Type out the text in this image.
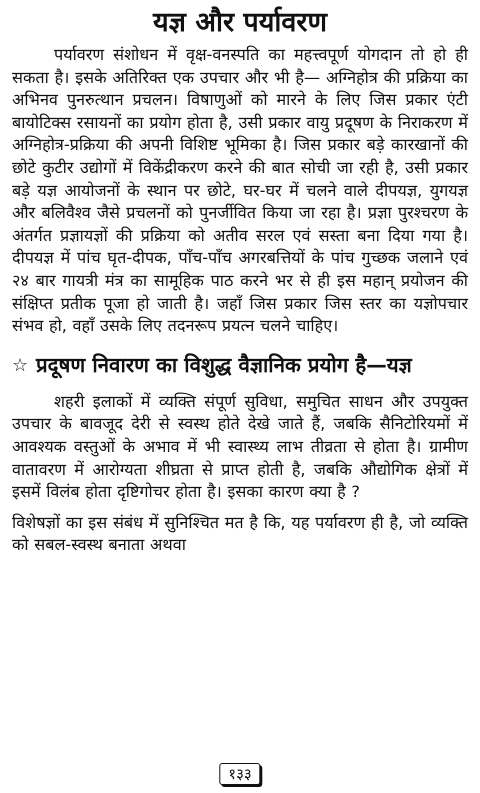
यज्ञ और पर्यावरण

पर्यावरण संशोधन में वृक्ष-वनस्पति का महत्त्वपूर्ण योगदान तो हो ही सकता है। इसके अतिरिक्त एक उपचार और भी है— अग्निहोत्र की प्रक्रिया का अभिनव पुनरुत्थान प्रचलन। विषाणुओं को मारने के लिए जिस प्रकार एंटी बायोटिक्स रसायनों का प्रयोग होता है, उसी प्रकार वायु प्रदूषण के निराकरण में अग्निहोत्र-प्रक्रिया की अपनी विशिष्ट भूमिका है। जिस प्रकार बड़े कारखानों की छोटे कुटीर उद्योगों में विकेंद्रीकरण करने की बात सोची जा रही है, उसी प्रकार बड़े यज्ञ आयोजनों के स्थान पर छोटे, घर-घर में चलने वाले दीपयज्ञ, युगयज्ञ और बलिवैश्व जैसे प्रचलनों को पुनर्जीवित किया जा रहा है। प्रज्ञा पुरश्चरण के अंतर्गत प्रज्ञायज्ञों की प्रक्रिया को अतीव सरल एवं सस्ता बना दिया गया है। दीपयज्ञ में पांच घृत-दीपक, पाँच-पाँच अगरबत्तियों के पांच गुच्छक जलाने एवं २४ बार गायत्री मंत्र का सामूहिक पाठ करने भर से ही इस महान् प्रयोजन की संक्षिप्त प्रतीक पूजा हो जाती है। जहाँ जिस प्रकार जिस स्तर का यज्ञोपचार संभव हो, वहाँ उसके लिए तदनरूप प्रयत्न चलने चाहिए।

☆ प्रदूषण निवारण का विशुद्ध वैज्ञानिक प्रयोग है—यज्ञ

शहरी इलाकों में व्यक्ति संपूर्ण सुविधा, समुचित साधन और उपयुक्त उपचार के बावजूद देरी से स्वस्थ होते देखे जाते हैं, जबकि सैनिटोरियमों में आवश्यक वस्तुओं के अभाव में भी स्वास्थ्य लाभ तीव्रता से होता है। ग्रामीण वातावरण में आरोग्यता शीघ्रता से प्राप्त होती है, जबकि औद्योगिक क्षेत्रों में इसमें विलंब होता दृष्टिगोचर होता है। इसका कारण क्या है ?

विशेषज्ञों का इस संबंध में सुनिश्चित मत है कि, यह पर्यावरण ही है, जो व्यक्ति को सबल-स्वस्थ बनाता अथवा

१३३
